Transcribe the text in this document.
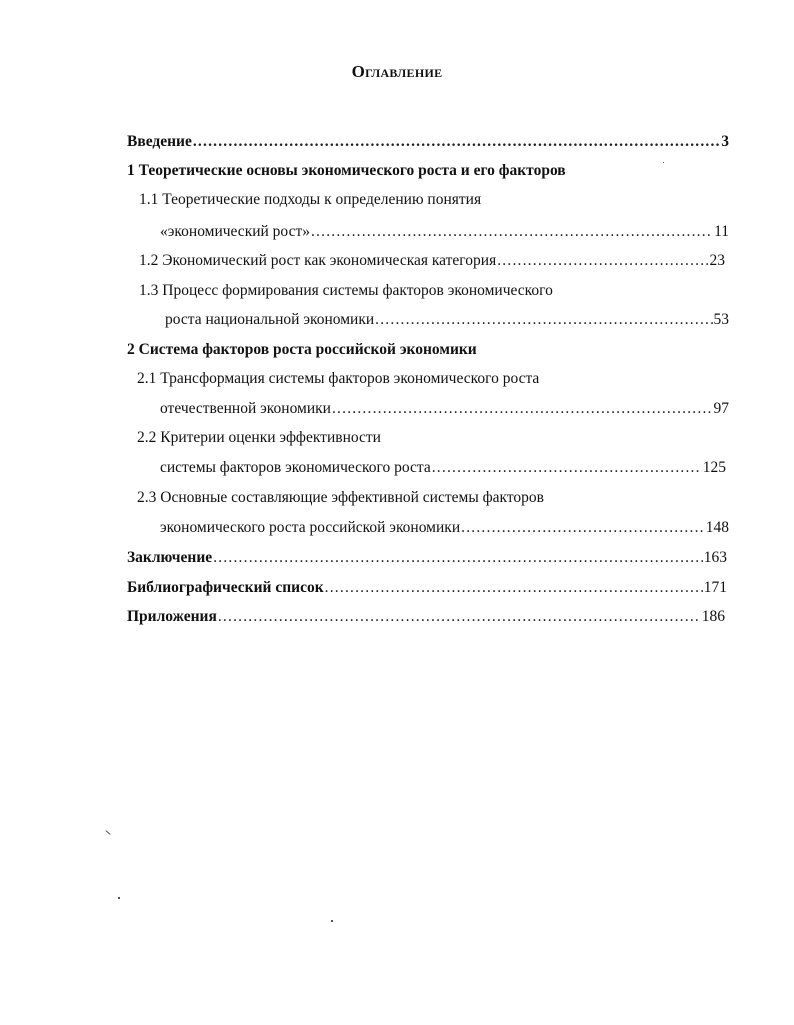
Оглавление
Введение .....	3
1 Теоретические основы экономического роста и его факторов
1.1 Теоретические подходы к определению понятия
«экономический рост» .....	11
1.2 Экономический рост как экономическая категория .....	23
1.3 Процесс формирования системы факторов экономического
роста национальной экономики .....	53
2 Система факторов роста российской экономики
2.1 Трансформация системы факторов экономического роста
отечественной экономики .....	97
2.2 Критерии оценки эффективности
системы факторов экономического роста .....	125
2.3 Основные составляющие эффективной системы факторов
экономического роста российской экономики .....	148
Заключение .....	163
Библиографический список .....	171
Приложения .....	186
